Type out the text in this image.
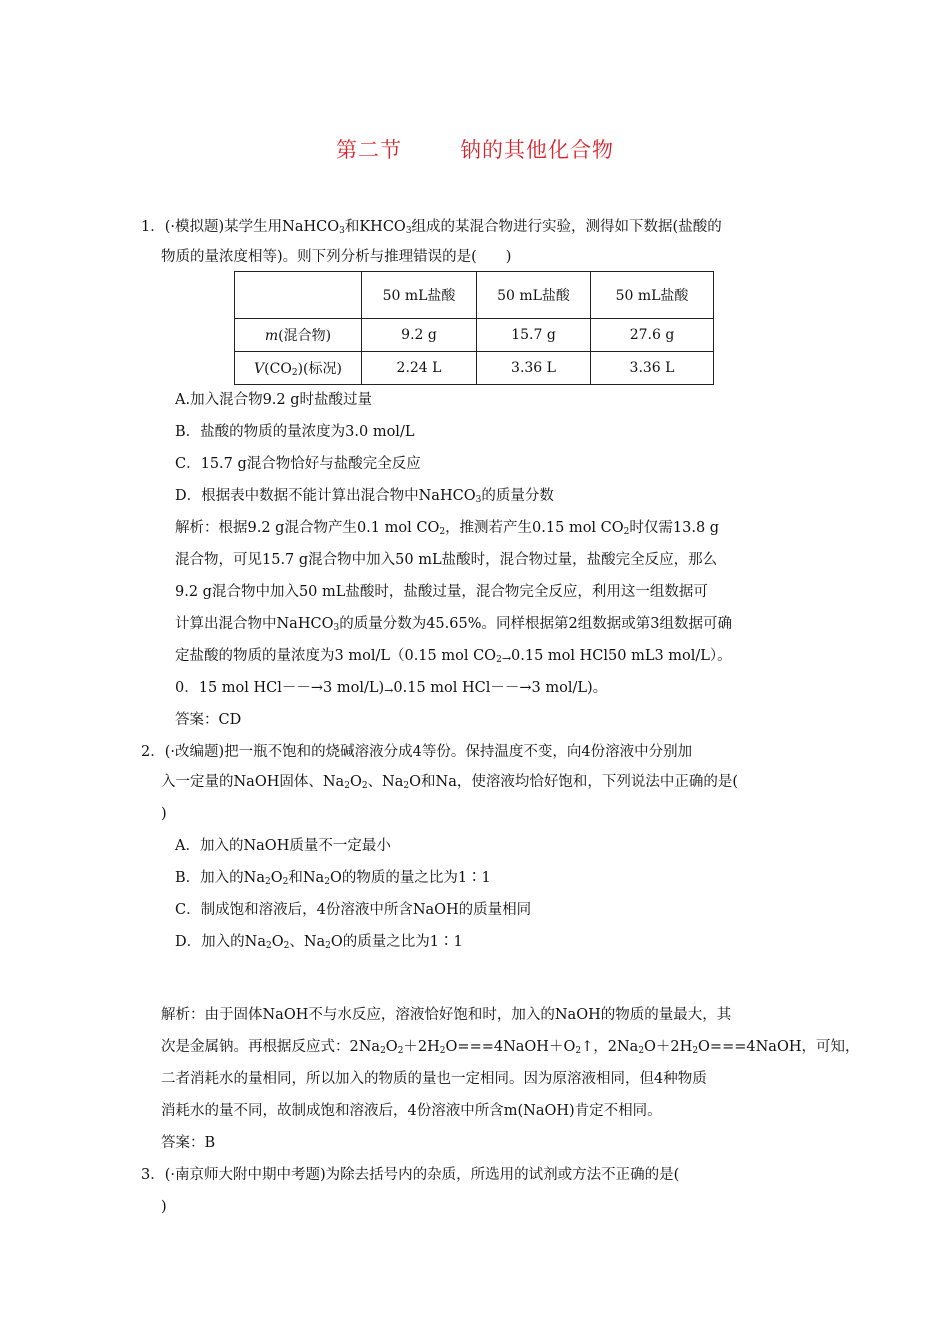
第二节	钠的其他化合物
1．(·模拟题)某学生用NaHCO$_3$和$KHCO_3$组成的某混合物进行实验，测得如下数据(盐酸的
物质的量浓度相等)。则下列分析与推理错误的是(　　)
	50 mL盐酸	50 mL盐酸	50 mL盐酸
m(混合物)	9.2 g	15.7 g	27.6 g
$V(CO_2)$(标况)	2.24 L	3.36 L	3.36 L
A.加入混合物9.2 g时盐酸过量
B．盐酸的物质的量浓度为3.0 mol/L
C．15.7 g混合物恰好与盐酸完全反应
D．根据表中数据不能计算出混合物中NaHCO$_3$的质量分数
解析：根据9.2 g混合物产生0.1 mol $CO_2$，推测若产生0.15 mol $CO_2$时仅需13.8 g
混合物，可见15.7 g混合物中加入50 mL盐酸时，混合物过量，盐酸完全反应，那么
9.2 g混合物中加入50 mL盐酸时，盐酸过量，混合物完全反应，利用这一组数据可
计算出混合物中NaHCO$_3$的质量分数为45.65%。同样根据第2组数据或第3组数据可确
定盐酸的物质的量浓度为3 mol/L（0.15 mol $CO_{2\to}0.15$ mol HCl50 mL3 mol/L）。
0．15 mol HCl－－→3 mol/$L)_\to 0.15$ mol HCl－－→3 mol/L)。
答案：CD
2．(·改编题)把一瓶不饱和的烧碱溶液分成4等份。保持温度不变，向4份溶液中分别加
入一定量的NaOH固体、$Na_2O_2$、$Na_2O$和Na，使溶液均恰好饱和，下列说法中正确的是(
)
A．加入的NaOH质量不一定最小
B．加入的$Na_2O_2$和$Na_2O$的物质的量之比为1∶1
C．制成饱和溶液后，4份溶液中所含NaOH的质量相同
D．加入的$Na_2O_2$、$Na_2O$的质量之比为1∶1
解析：由于固体NaOH不与水反应，溶液恰好饱和时，加入的NaOH的物质的量最大，其
次是金属钠。再根据反应式：$2Na_2O_2+2H_2O===4NaOH+O_2↑$，$2Na_2O+2H_2O===4NaOH$，可知，
二者消耗水的量相同，所以加入的物质的量也一定相同。因为原溶液相同，但4种物质
消耗水的量不同，故制成饱和溶液后，4份溶液中所含m(NaOH)肯定不相同。
答案：B
3．(·南京师大附中期中考题)为除去括号内的杂质，所选用的试剂或方法不正确的是(
)
